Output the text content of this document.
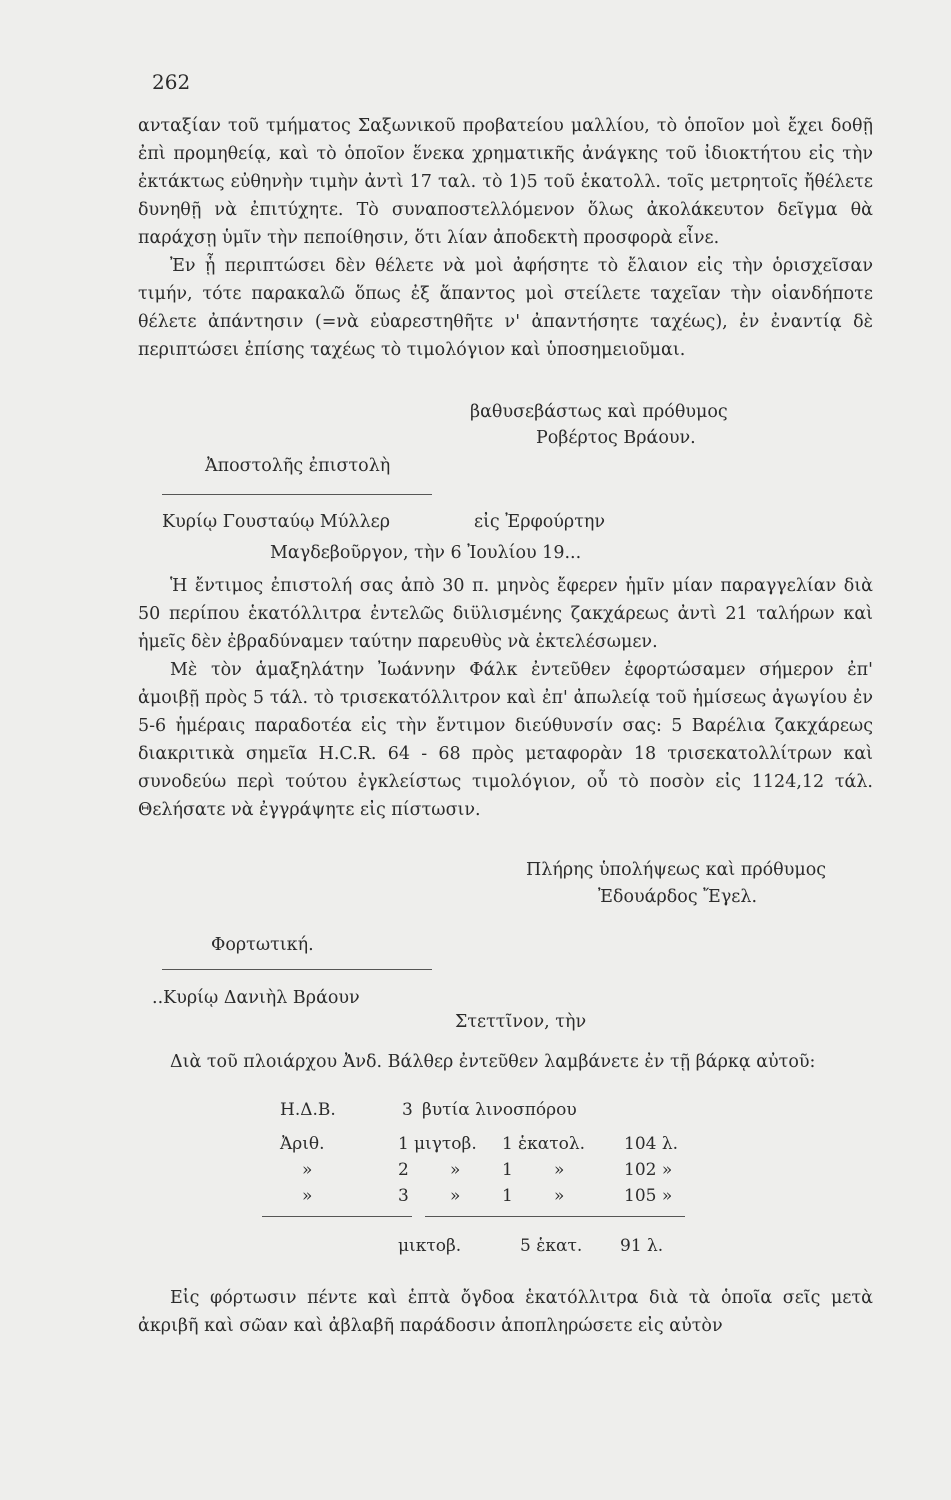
262

ανταξίαν τοῦ τμήματος Σαξωνικοῦ προβατείου μαλλίου, τὸ ὁποῖον μοὶ ἔχει δοθῇ ἐπὶ προμηθείᾳ, καὶ τὸ ὁποῖον ἕνεκα χρηματικῆς ἀνάγκης τοῦ ἰδιοκτήτου εἰς τὴν ἐκτάκτως εὐθηνὴν τιμὴν ἀντὶ 17 ταλ. τὸ 1)5 τοῦ ἑκατολλ. τοῖς μετρητοῖς ἤθέλετε δυνηθῇ νὰ ἐπιτύχητε. Τὸ συναποστελλόμενον ὅλως ἀκολάκευτον δεῖγμα θὰ παράχσῃ ὑμῖν τὴν πεποίθησιν, ὅτι λίαν ἀποδεκτὴ προσφορὰ εἶνε.

Ἐν ᾗ περιπτώσει δὲν θέλετε νὰ μοὶ ἀφήσητε τὸ ἔλαιον εἰς τὴν ὁρισχεῖσαν τιμήν, τότε παρακαλῶ ὅπως ἐξ ἅπαντος μοὶ στείλετε ταχεῖαν τὴν οἱανδήποτε θέλετε ἀπάντησιν (=νὰ εὐαρεστηθῆτε ν' ἀπαντήσητε ταχέως), ἐν ἐναντίᾳ δὲ περιπτώσει ἐπίσης ταχέως τὸ τιμολόγιον καὶ ὑποσημειοῦμαι.

βαθυσεβάστως καὶ πρόθυμος
Ροβέρτος Βράουν.
Ἀποστολῆς ἐπιστολὴ
Κυρίῳ Γουσταύῳ Μύλλερ	εἰς Ἐρφούρτην
Μαγδεβοῦργον, τὴν 6 Ἰουλίου 19...

Ἡ ἔντιμος ἐπιστολή σας ἀπὸ 30 π. μηνὸς ἔφερεν ἡμῖν μίαν παραγγελίαν διὰ 50 περίπου ἑκατόλλιτρα ἐντελῶς διϋλισμένης ζακχάρεως ἀντὶ 21 ταλήρων καὶ ἡμεῖς δὲν ἐβραδύναμεν ταύτην παρευθὺς νὰ ἐκτελέσωμεν.

Μὲ τὸν ἁμαξηλάτην Ἰωάννην Φάλκ ἐντεῦθεν ἐφορτώσαμεν σήμερον ἐπ' ἀμοιβῇ πρὸς 5 τάλ. τὸ τρισεκατόλλιτρον καὶ ἐπ' ἀπωλείᾳ τοῦ ἡμίσεως ἀγωγίου ἐν 5-6 ἡμέραις παραδοτέα εἰς τὴν ἔντιμον διεύθυνσίν σας: 5 Βαρέλια ζακχάρεως διακριτικὰ σημεῖα Η.C.R. 64 - 68 πρὸς μεταφορὰν 18 τρισεκατολλίτρων καὶ συνοδεύω περὶ τούτου ἐγκλείστως τιμολόγιον, οὗ τὸ ποσὸν εἰς 1124,12 τάλ. Θελήσατε νὰ ἐγγράψητε εἰς πίστωσιν.

Πλήρης ὑπολήψεως καὶ πρόθυμος
Ἐδουάρδος Ἔγελ.
Φορτωτική.
..Κυρίῳ Δανιὴλ Βράουν
Στεττῖνον, τὴν

Διὰ τοῦ πλοιάρχου Ἀνδ. Βάλθερ ἐντεῦθεν λαμβάνετε ἐν τῇ βάρκᾳ αὐτοῦ:

Η.Δ.Β.	3 βυτία λινοσπόρου
Ἀριθ.	1 μιγτοβ. 1 ἑκατολ. 104 λ.
»	2 » 1 »	102 »
»	3 » 1 »	105 »
μικτοβ.	5 ἑκατ. 91 λ.

Εἰς φόρτωσιν πέντε καὶ ἑπτὰ ὄγδοα ἑκατόλλιτρα διὰ τὰ ὁποῖα σεῖς μετὰ ἀκριβῆ καὶ σῶαν καὶ ἀβλαβῆ παράδοσιν ἀποπληρώσετε εἰς αὐτὸν
